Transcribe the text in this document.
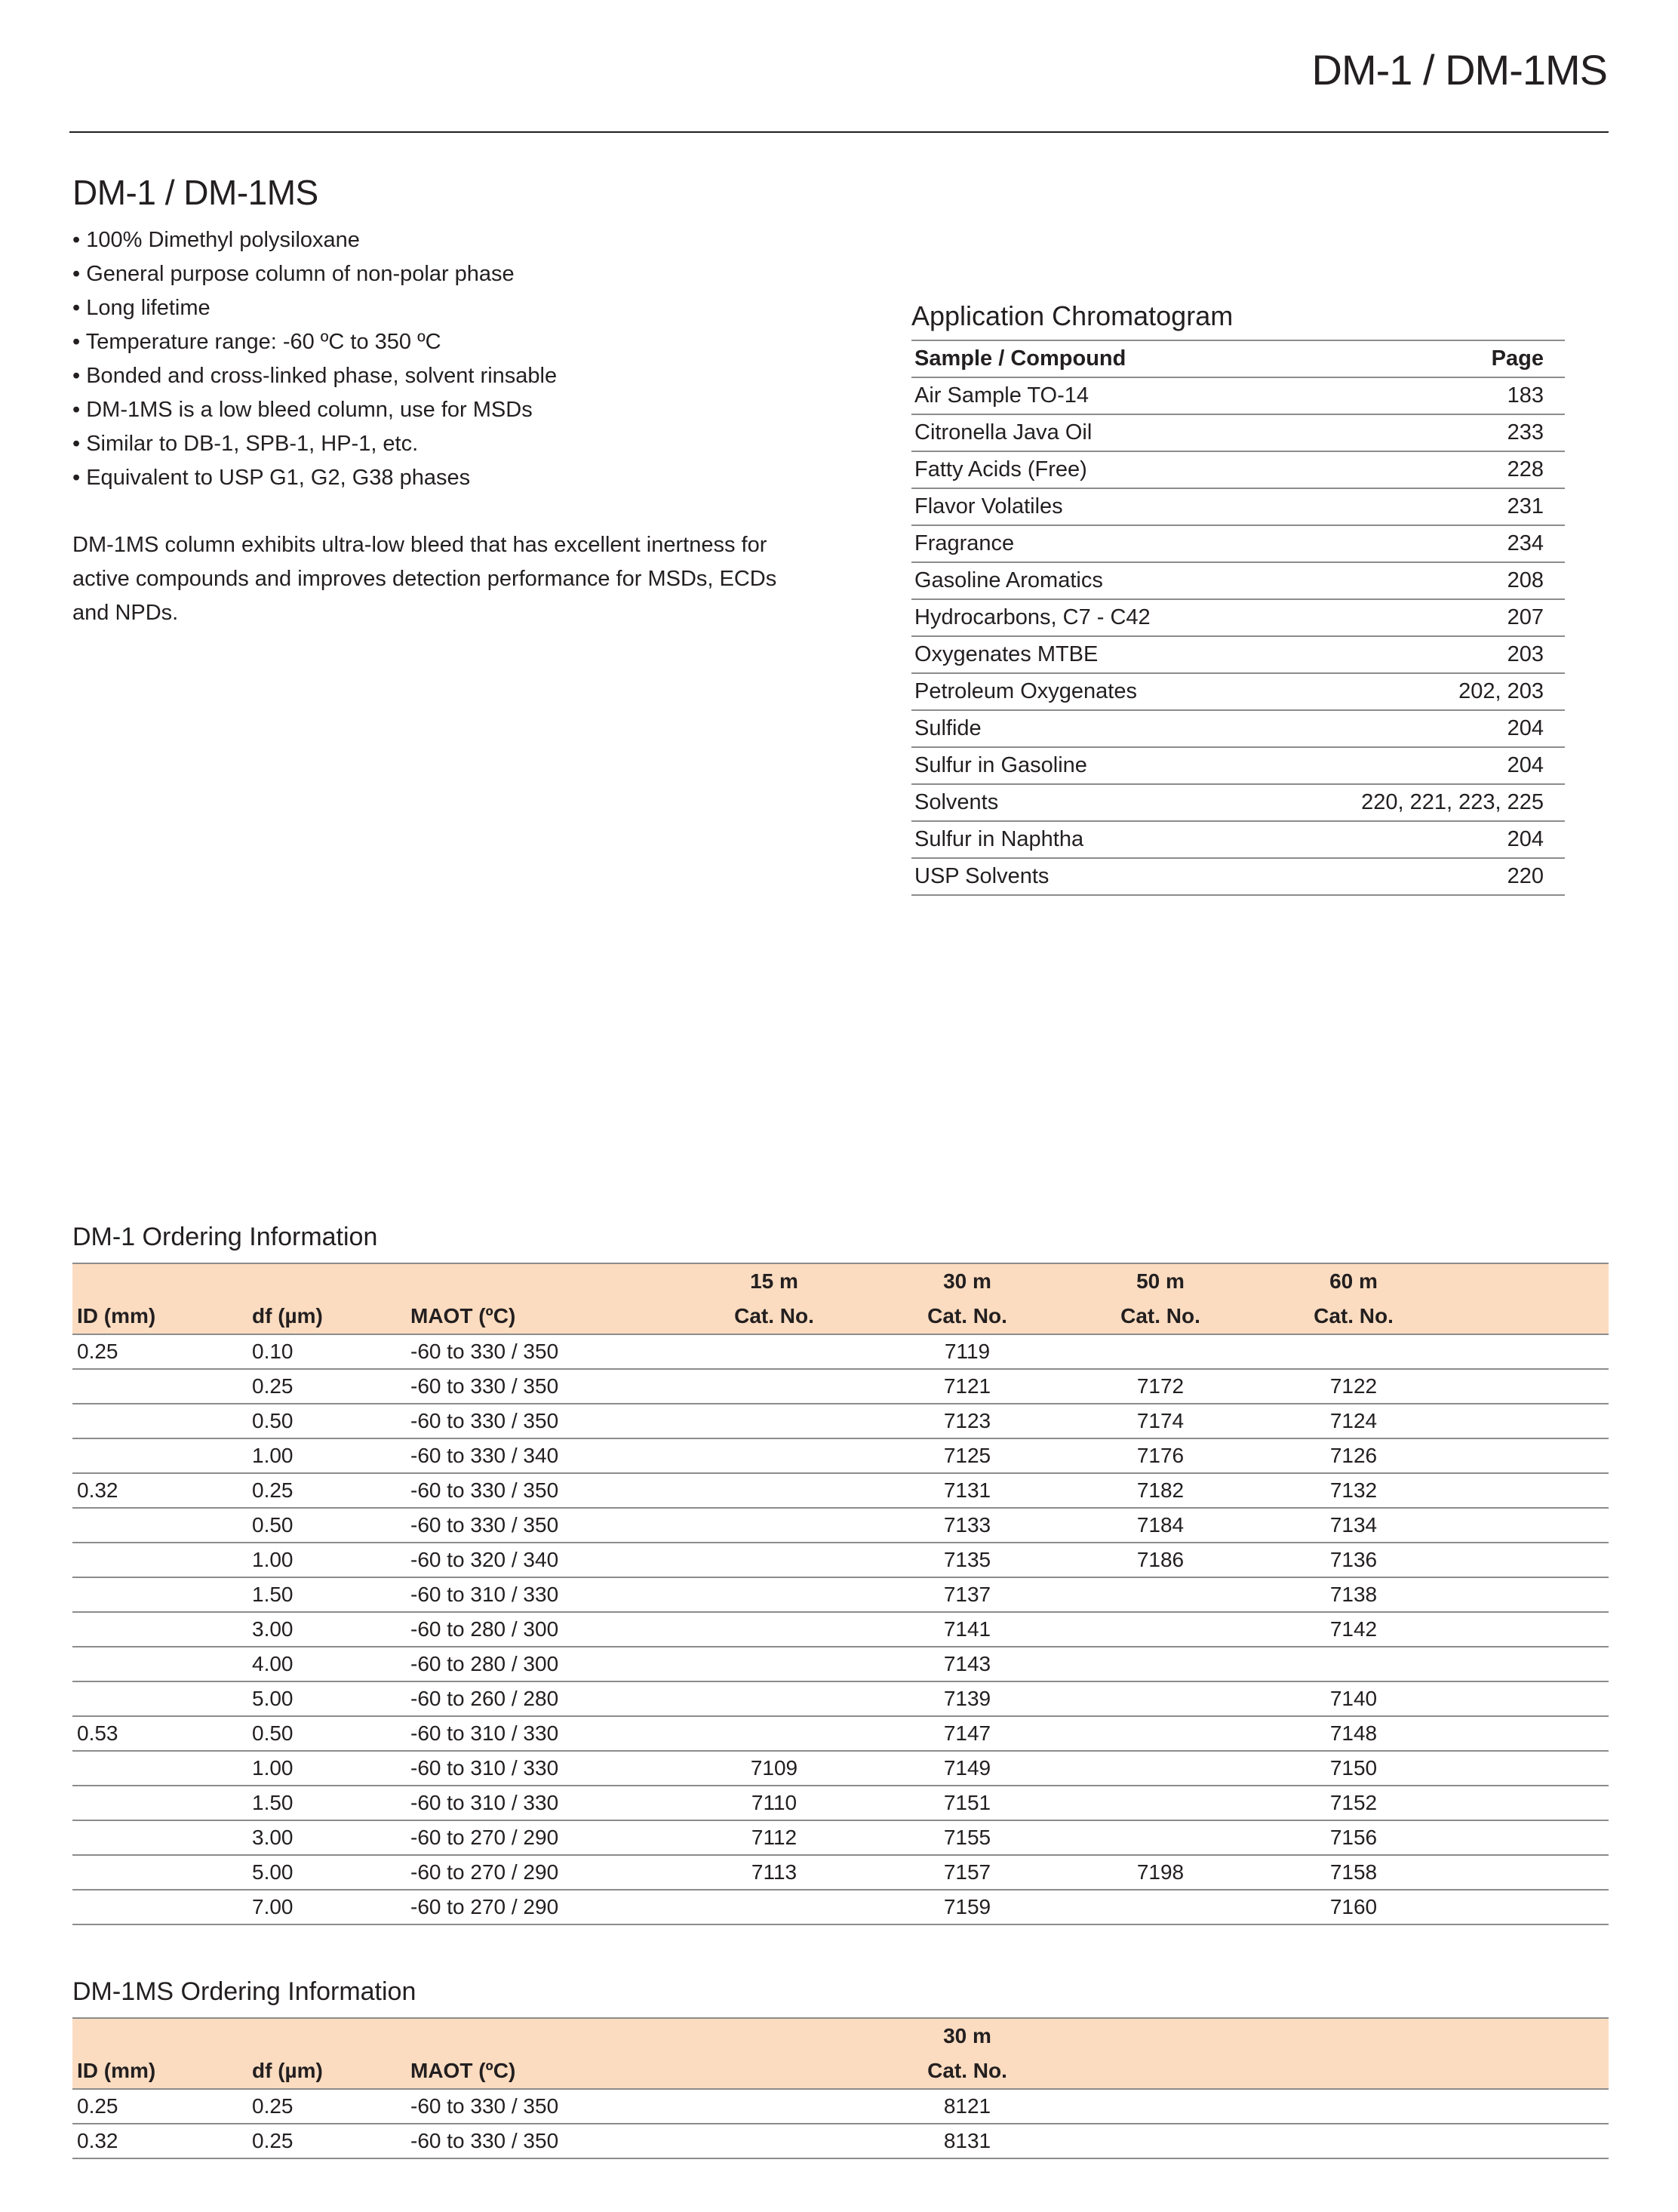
DM-1 / DM-1MS
DM-1 / DM-1MS
• 100% Dimethyl polysiloxane
• General purpose column of non-polar phase
• Long lifetime
• Temperature range: -60 ºC to 350 ºC
• Bonded and cross-linked phase, solvent rinsable
• DM-1MS is a low bleed column, use for MSDs
• Similar to DB-1, SPB-1, HP-1, etc.
• Equivalent to USP G1, G2, G38 phases

DM-1MS column exhibits ultra-low bleed that has excellent inertness for active compounds and improves detection performance for MSDs, ECDs and NPDs.

Application Chromatogram
Sample / Compound	Page
Air Sample TO-14	183
Citronella Java Oil	233
Fatty Acids (Free)	228
Flavor Volatiles	231
Fragrance	234
Gasoline Aromatics	208
Hydrocarbons, C7 - C42	207
Oxygenates MTBE	203
Petroleum Oxygenates	202, 203
Sulfide	204
Sulfur in Gasoline	204
Solvents	220, 221, 223, 225
Sulfur in Naphtha	204
USP Solvents	220
DM-1 Ordering Information
			15 m	30 m	50 m	60 m	
ID (mm)	df (µm)	MAOT (ºC)	Cat. No.	Cat. No.	Cat. No.	Cat. No.	
0.25	0.10	-60 to 330 / 350		7119			
	0.25	-60 to 330 / 350		7121	7172	7122	
	0.50	-60 to 330 / 350		7123	7174	7124	
	1.00	-60 to 330 / 340		7125	7176	7126	
0.32	0.25	-60 to 330 / 350		7131	7182	7132	
	0.50	-60 to 330 / 350		7133	7184	7134	
	1.00	-60 to 320 / 340		7135	7186	7136	
	1.50	-60 to 310 / 330		7137		7138	
	3.00	-60 to 280 / 300		7141		7142	
	4.00	-60 to 280 / 300		7143			
	5.00	-60 to 260 / 280		7139		7140	
0.53	0.50	-60 to 310 / 330		7147		7148	
	1.00	-60 to 310 / 330	7109	7149		7150	
	1.50	-60 to 310 / 330	7110	7151		7152	
	3.00	-60 to 270 / 290	7112	7155		7156	
	5.00	-60 to 270 / 290	7113	7157	7198	7158	
	7.00	-60 to 270 / 290		7159		7160	
DM-1MS Ordering Information
				30 m			
ID (mm)	df (µm)	MAOT (ºC)		Cat. No.			
0.25	0.25	-60 to 330 / 350		8121			
0.32	0.25	-60 to 330 / 350		8131			
